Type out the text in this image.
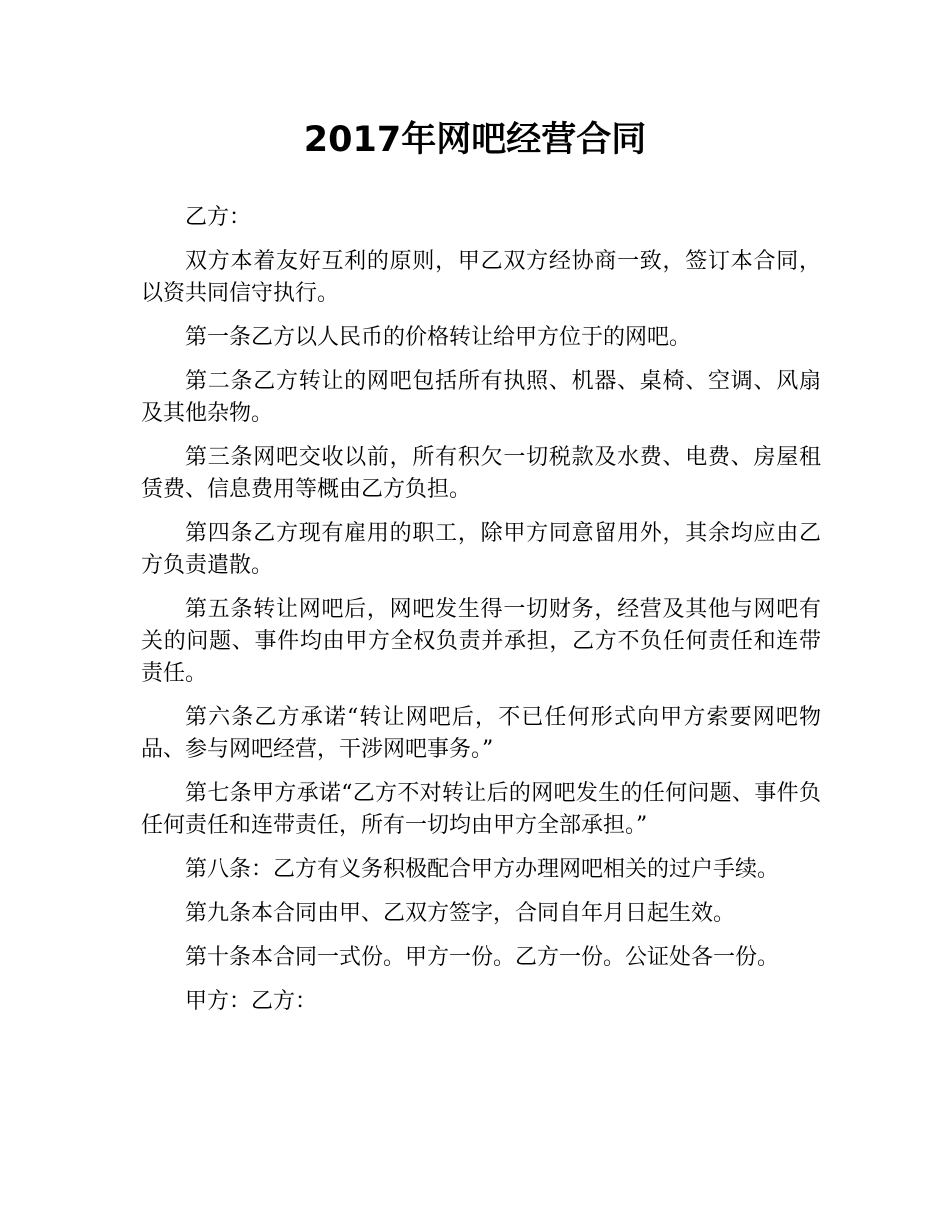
2017年网吧经营合同

乙方：

双方本着友好互利的原则，甲乙双方经协商一致，签订本合同，以资共同信守执行。

第一条乙方以人民币的价格转让给甲方位于的网吧。

第二条乙方转让的网吧包括所有执照、机器、桌椅、空调、风扇及其他杂物。

第三条网吧交收以前，所有积欠一切税款及水费、电费、房屋租赁费、信息费用等概由乙方负担。

第四条乙方现有雇用的职工，除甲方同意留用外，其余均应由乙方负责遣散。

第五条转让网吧后，网吧发生得一切财务，经营及其他与网吧有关的问题、事件均由甲方全权负责并承担，乙方不负任何责任和连带责任。

第六条乙方承诺“转让网吧后，不已任何形式向甲方索要网吧物品、参与网吧经营，干涉网吧事务。”

第七条甲方承诺“乙方不对转让后的网吧发生的任何问题、事件负任何责任和连带责任，所有一切均由甲方全部承担。”

第八条：乙方有义务积极配合甲方办理网吧相关的过户手续。

第九条本合同由甲、乙双方签字，合同自年月日起生效。

第十条本合同一式份。甲方一份。乙方一份。公证处各一份。

甲方：乙方：
